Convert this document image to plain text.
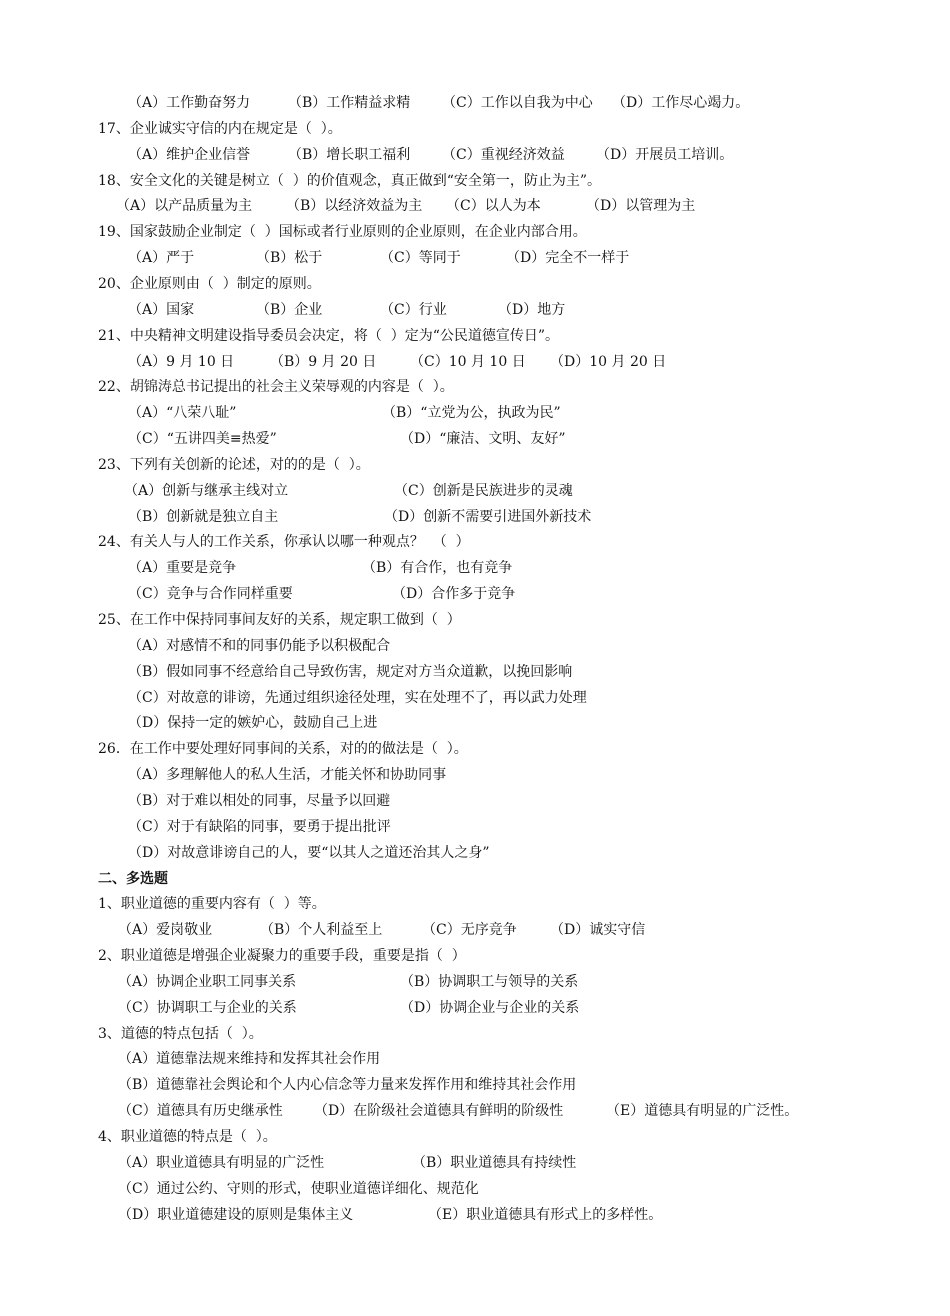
（A）工作勤奋努力	（B）工作精益求精 （C）工作以自我为中心 （D）工作尽心竭力。
17、企业诚实守信的内在规定是（  ）。
（A）维护企业信誉	（B）增长职工福利 （C）重视经济效益 （D）开展员工培训。
18、安全文化的关键是树立（  ）的价值观念，真正做到“安全第一，防止为主”。
（A）以产品质量为主 （B）以经济效益为主 （C）以人为本	（D）以管理为主
19、国家鼓励企业制定（  ）国标或者行业原则的企业原则，在企业内部合用。
（A）严于	（B）松于	（C）等同于	（D）完全不一样于
20、企业原则由（  ）制定的原则。
（A）国家	（B）企业	（C）行业	（D）地方
21、中央精神文明建设指导委员会决定，将（  ）定为“公民道德宣传日”。
（A）9 月 10 日	（B）9 月 20 日 （C）10 月 10 日 （D）10 月 20 日
22、胡锦涛总书记提出的社会主义荣辱观的内容是（  ）。
（A）“八荣八耻”	（B）“立党为公，执政为民”
（C）“五讲四美≡热爱”	（D）“廉洁、文明、友好”
23、下列有关创新的论述，对的的是（  ）。
（A）创新与继承主线对立	（C）创新是民族进步的灵魂
（B）创新就是独立自主	（D）创新不需要引进国外新技术
24、有关人与人的工作关系，你承认以哪一种观点？  （  ）
（A）重要是竞争	（B）有合作，也有竞争
（C）竞争与合作同样重要	（D）合作多于竞争
25、在工作中保持同事间友好的关系，规定职工做到（  ）
（A）对感情不和的同事仍能予以积极配合
（B）假如同事不经意给自己导致伤害，规定对方当众道歉，以挽回影响
（C）对故意的诽谤，先通过组织途径处理，实在处理不了，再以武力处理
（D）保持一定的嫉妒心，鼓励自己上进
26．在工作中要处理好同事间的关系，对的的做法是（  ）。
（A）多理解他人的私人生活，才能关怀和协助同事
（B）对于难以相处的同事，尽量予以回避
（C）对于有缺陷的同事，要勇于提出批评
（D）对故意诽谤自己的人，要“以其人之道还治其人之身”
二、多选题
1、职业道德的重要内容有（  ）等。
（A）爱岗敬业	（B）个人利益至上	（C）无序竞争 （D）诚实守信
2、职业道德是增强企业凝聚力的重要手段，重要是指（  ）
（A）协调企业职工同事关系	（B）协调职工与领导的关系
（C）协调职工与企业的关系	（D）协调企业与企业的关系
3、道德的特点包括（  ）。
（A）道德靠法规来维持和发挥其社会作用
（B）道德靠社会舆论和个人内心信念等力量来发挥作用和维持其社会作用
（C）道德具有历史继承性 （D）在阶级社会道德具有鲜明的阶级性	（E）道德具有明显的广泛性。
4、职业道德的特点是（  ）。
（A）职业道德具有明显的广泛性	（B）职业道德具有持续性
（C）通过公约、守则的形式，使职业道德详细化、规范化
（D）职业道德建设的原则是集体主义	（E）职业道德具有形式上的多样性。
